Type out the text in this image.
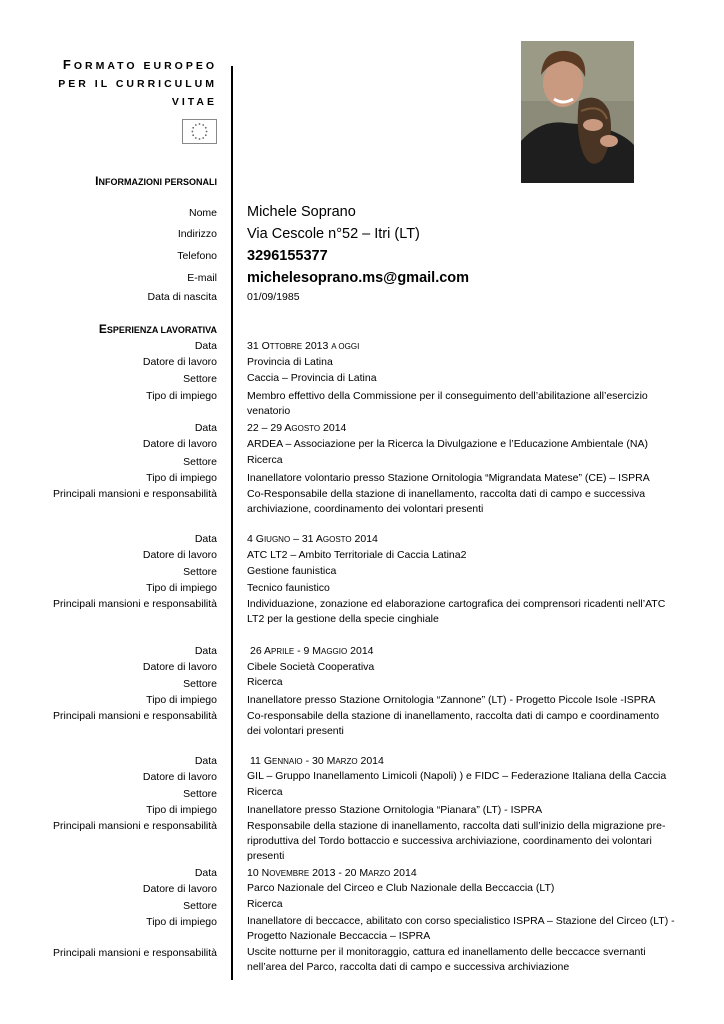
FORMATO EUROPEO
PER IL CURRICULUM
VITAE
INFORMAZIONI PERSONALI
Nome Michele Soprano
Indirizzo Via Cescole n°52 – Itri (LT)
Telefono 3296155377
E-mail michelesoprano.ms@gmail.com
Data di nascita	01/09/1985
ESPERIENZA LAVORATIVA
Data	31 OTTOBRE 2013 A OGGI
Datore di lavoro	Provincia di Latina
Settore	Caccia – Provincia di Latina
Tipo di impiego	Membro effettivo della Commissione per il conseguimento dell’abilitazione all’esercizio venatorio
Data	22 – 29 AGOSTO 2014
Datore di lavoro	ARDEA – Associazione per la Ricerca la Divulgazione e l’Educazione Ambientale (NA)
Settore	Ricerca
Tipo di impiego	Inanellatore volontario presso Stazione Ornitologia “Migrandata Matese” (CE) – ISPRA
Principali mansioni e responsabilità	Co-Responsabile della stazione di inanellamento, raccolta dati di campo e successiva archiviazione, coordinamento dei volontari presenti
Data	4 GIUGNO – 31 AGOSTO 2014
Datore di lavoro	ATC LT2 – Ambito Territoriale di Caccia Latina2
Settore	Gestione faunistica
Tipo di impiego	Tecnico faunistico
Principali mansioni e responsabilità	Individuazione, zonazione ed elaborazione cartografica dei comprensori ricadenti nell’ATC LT2 per la gestione della specie cinghiale
Data	26 APRILE - 9 MAGGIO 2014
Datore di lavoro	Cibele Società Cooperativa
Settore	Ricerca
Tipo di impiego	Inanellatore presso Stazione Ornitologia “Zannone” (LT) - Progetto Piccole Isole -ISPRA
Principali mansioni e responsabilità	Co-responsabile della stazione di inanellamento, raccolta dati di campo e coordinamento dei volontari presenti
Data	11 GENNAIO - 30 MARZO 2014
Datore di lavoro	GIL – Gruppo Inanellamento Limicoli (Napoli) ) e FIDC – Federazione Italiana della Caccia
Settore	Ricerca
Tipo di impiego	Inanellatore presso Stazione Ornitologia “Pianara” (LT) - ISPRA
Principali mansioni e responsabilità	Responsabile della stazione di inanellamento, raccolta dati sull’inizio della migrazione pre-riproduttiva del Tordo bottaccio e successiva archiviazione, coordinamento dei volontari presenti
Data	10 NOVEMBRE 2013 - 20 MARZO 2014
Datore di lavoro	Parco Nazionale del Circeo e Club Nazionale della Beccaccia (LT)
Settore	Ricerca
Tipo di impiego	Inanellatore di beccacce, abilitato con corso specialistico ISPRA – Stazione del Circeo (LT) - Progetto Nazionale Beccaccia – ISPRA
Principali mansioni e responsabilità	Uscite notturne per il monitoraggio, cattura ed inanellamento delle beccacce svernanti nell’area del Parco, raccolta dati di campo e successiva archiviazione
